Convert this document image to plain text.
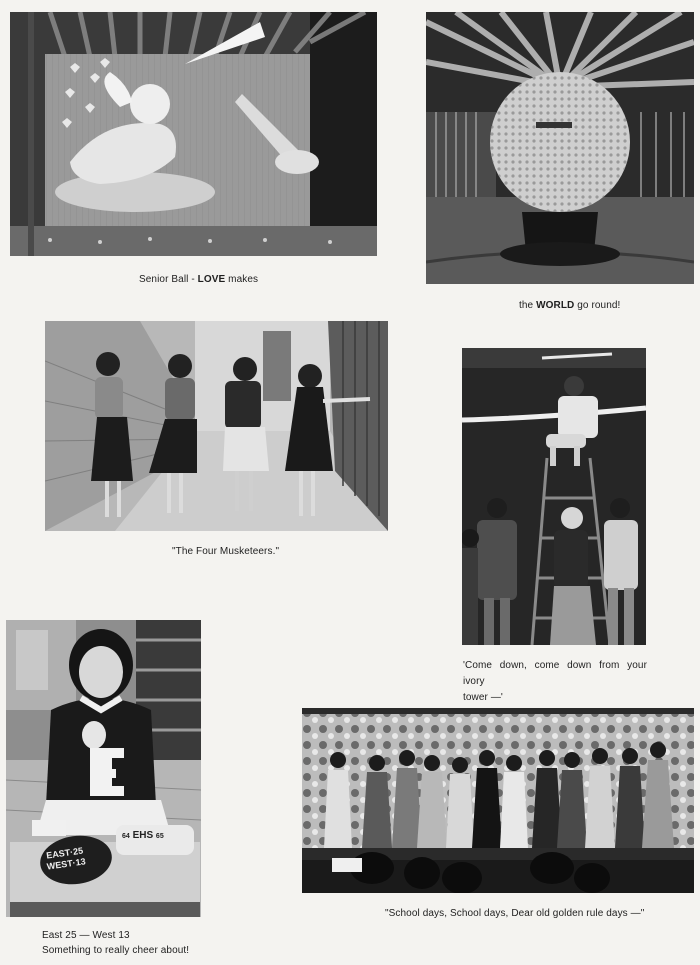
Senior Ball - LOVE makes
the WORLD go round!
"The Four Musketeers."
'Come down, come down from your ivory
tower —'
EAST·25
WEST·13
64 EHS 65
East 25 — West 13
Something to really cheer about!
"School days, School days, Dear old golden rule days —"
